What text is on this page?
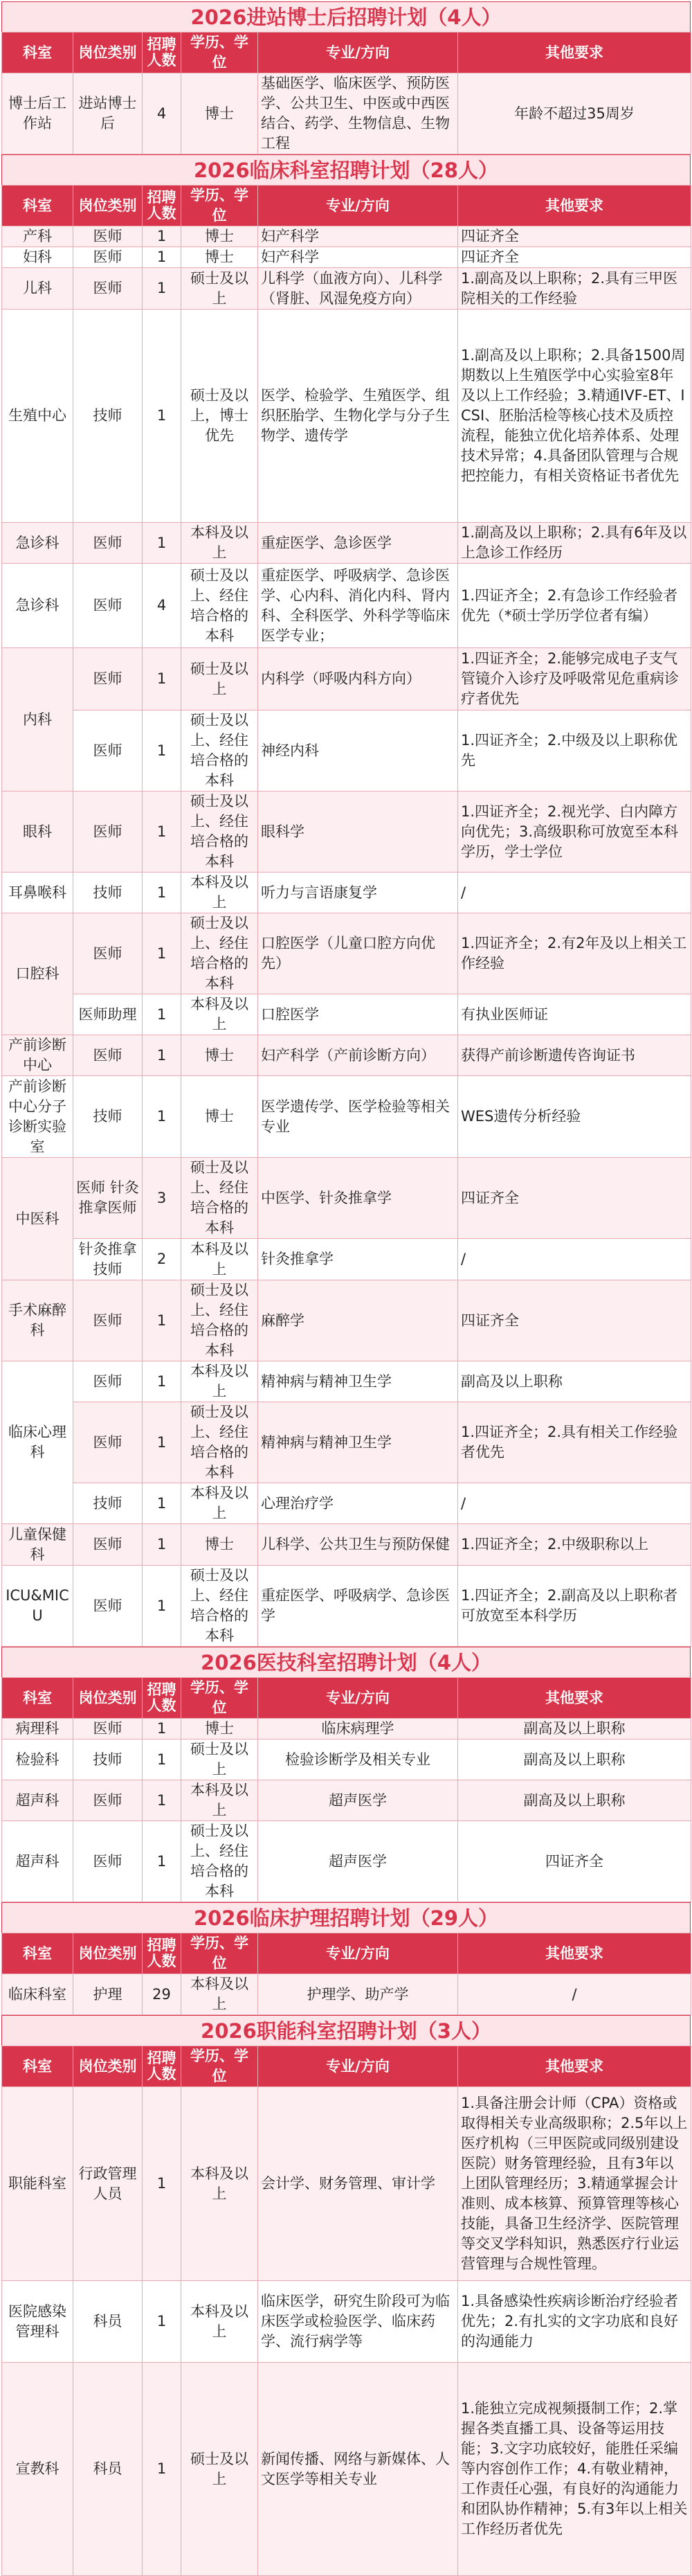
2026进站博士后招聘计划（4人）
科室	岗位类别	招聘人数	学历、学位	专业/方向	其他要求
博士后工作站	进站博士后	4	博士	基础医学、临床医学、预防医学、公共卫生、中医或中西医结合、药学、生物信息、生物工程	年龄不超过35周岁
2026临床科室招聘计划（28人）
科室	岗位类别	招聘人数	学历、学位	专业/方向	其他要求
产科	医师	1	博士	妇产科学	四证齐全
妇科	医师	1	博士	妇产科学	四证齐全
儿科	医师	1	硕士及以上	儿科学（血液方向）、儿科学（肾脏、风湿免疫方向）	1.副高及以上职称；2.具有三甲医院相关的工作经验
生殖中心	技师	1	硕士及以上，博士优先	医学、检验学、生殖医学、组织胚胎学、生物化学与分子生物学、遗传学	1.副高及以上职称；2.具备1500周期数以上生殖医学中心实验室8年及以上工作经验；3.精通IVF-ET、ICSI、胚胎活检等核心技术及质控流程，能独立优化培养体系、处理技术异常；4.具备团队管理与合规把控能力，有相关资格证书者优先
急诊科	医师	1	本科及以上	重症医学、急诊医学	1.副高及以上职称；2.具有6年及以上急诊工作经历
急诊科	医师	4	硕士及以上、经住培合格的本科	重症医学、呼吸病学、急诊医学、心内科、消化内科、肾内科、全科医学、外科学等临床医学专业；	1.四证齐全；2.有急诊工作经验者优先（*硕士学历学位者有编）
内科	医师	1	硕士及以上	内科学（呼吸内科方向）	1.四证齐全；2.能够完成电子支气管镜介入诊疗及呼吸常见危重病诊疗者优先
	医师	1	硕士及以上、经住培合格的本科	神经内科	1.四证齐全；2.中级及以上职称优先
眼科	医师	1	硕士及以上、经住培合格的本科	眼科学	1.四证齐全；2.视光学、白内障方向优先；3.高级职称可放宽至本科学历，学士学位
耳鼻喉科	技师	1	本科及以上	听力与言语康复学	/
口腔科	医师	1	硕士及以上、经住培合格的本科	口腔医学（儿童口腔方向优先）	1.四证齐全；2.有2年及以上相关工作经验
	医师助理	1	本科及以上	口腔医学	有执业医师证
产前诊断中心	医师	1	博士	妇产科学（产前诊断方向）	获得产前诊断遗传咨询证书
产前诊断中心分子诊断实验室	技师	1	博士	医学遗传学、医学检验等相关专业	WES遗传分析经验
中医科	医师 针灸推拿医师	3	硕士及以上、经住培合格的本科	中医学、针灸推拿学	四证齐全
	针灸推拿技师	2	本科及以上	针灸推拿学	/
手术麻醉科	医师	1	硕士及以上、经住培合格的本科	麻醉学	四证齐全
临床心理科	医师	1	本科及以上	精神病与精神卫生学	副高及以上职称
	医师	1	硕士及以上、经住培合格的本科	精神病与精神卫生学	1.四证齐全；2.具有相关工作经验者优先
	技师	1	本科及以上	心理治疗学	/
儿童保健科	医师	1	博士	儿科学、公共卫生与预防保健	1.四证齐全；2.中级职称以上
ICU&MICU	医师	1	硕士及以上、经住培合格的本科	重症医学、呼吸病学、急诊医学	1.四证齐全；2.副高及以上职称者可放宽至本科学历
2026医技科室招聘计划（4人）
科室	岗位类别	招聘人数	学历、学位	专业/方向	其他要求
病理科	医师	1	博士	临床病理学	副高及以上职称
检验科	技师	1	硕士及以上	检验诊断学及相关专业	副高及以上职称
超声科	医师	1	本科及以上	超声医学	副高及以上职称
超声科	医师	1	硕士及以上、经住培合格的本科	超声医学	四证齐全
2026临床护理招聘计划（29人）
科室	岗位类别	招聘人数	学历、学位	专业/方向	其他要求
临床科室	护理	29	本科及以上	护理学、助产学	/
2026职能科室招聘计划（3人）
科室	岗位类别	招聘人数	学历、学位	专业/方向	其他要求
职能科室	行政管理人员	1	本科及以上	会计学、财务管理、审计学	1.具备注册会计师（CPA）资格或取得相关专业高级职称；2.5年以上医疗机构（三甲医院或同级别建设医院）财务管理经验，且有3年以上团队管理经历；3.精通掌握会计准则、成本核算、预算管理等核心技能，具备卫生经济学、医院管理等交叉学科知识，熟悉医疗行业运营管理与合规性管理。
医院感染管理科	科员	1	本科及以上	临床医学，研究生阶段可为临床医学或检验医学、临床药学、流行病学等	1.具备感染性疾病诊断治疗经验者优先；2.有扎实的文字功底和良好的沟通能力
宣教科	科员	1	硕士及以上	新闻传播、网络与新媒体、人文医学等相关专业	1.能独立完成视频摄制工作；2.掌握各类直播工具、设备等运用技能；3.文字功底较好，能胜任采编等内容创作工作；4.有敬业精神，工作责任心强，有良好的沟通能力和团队协作精神；5.有3年以上相关工作经历者优先
